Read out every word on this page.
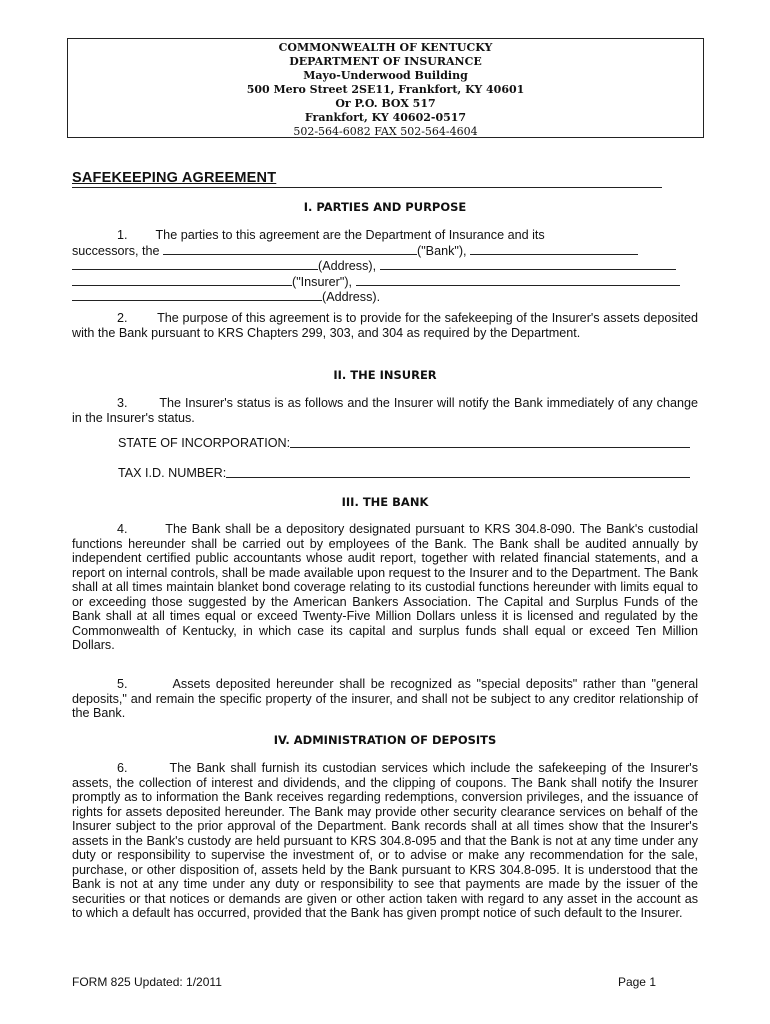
COMMONWEALTH OF KENTUCKY
DEPARTMENT OF INSURANCE
Mayo-Underwood Building
500 Mero Street 2SE11, Frankfort, KY 40601
Or P.O. BOX 517
Frankfort, KY 40602-0517
502-564-6082 FAX 502-564-4604
SAFEKEEPING AGREEMENT
I. PARTIES AND PURPOSE
1.        The parties to this agreement are the Department of Insurance and its
successors, the	("Bank"),
(Address),
("Insurer"),
(Address).
2.        The purpose of this agreement is to provide for the safekeeping of the Insurer's assets deposited with the Bank pursuant to KRS Chapters 299, 303, and 304 as required by the Department.
II. THE INSURER
3.        The Insurer's status is as follows and the Insurer will notify the Bank immediately of any change in the Insurer's status.
STATE OF INCORPORATION:
TAX I.D. NUMBER:
III. THE BANK
4.        The Bank shall be a depository designated pursuant to KRS 304.8-090. The Bank's custodial functions hereunder shall be carried out by employees of the Bank. The Bank shall be audited annually by independent certified public accountants whose audit report, together with related financial statements, and a report on internal controls, shall be made available upon request to the Insurer and to the Department. The Bank shall at all times maintain blanket bond coverage relating to its custodial functions hereunder with limits equal to or exceeding those suggested by the American Bankers Association. The Capital and Surplus Funds of the Bank shall at all times equal or exceed Twenty-Five Million Dollars unless it is licensed and regulated by the Commonwealth of Kentucky, in which case its capital and surplus funds shall equal or exceed Ten Million Dollars.
5.        Assets deposited hereunder shall be recognized as "special deposits" rather than "general deposits," and remain the specific property of the insurer, and shall not be subject to any creditor relationship of the Bank.
IV. ADMINISTRATION OF DEPOSITS
6.        The Bank shall furnish its custodian services which include the safekeeping of the Insurer's assets, the collection of interest and dividends, and the clipping of coupons. The Bank shall notify the Insurer promptly as to information the Bank receives regarding redemptions, conversion privileges, and the issuance of rights for assets deposited hereunder. The Bank may provide other security clearance services on behalf of the Insurer subject to the prior approval of the Department. Bank records shall at all times show that the Insurer's assets in the Bank's custody are held pursuant to KRS 304.8-095 and that the Bank is not at any time under any duty or responsibility to supervise the investment of, or to advise or make any recommendation for the sale, purchase, or other disposition of, assets held by the Bank pursuant to KRS 304.8-095. It is understood that the Bank is not at any time under any duty or responsibility to see that payments are made by the issuer of the securities or that notices or demands are given or other action taken with regard to any asset in the account as to which a default has occurred, provided that the Bank has given prompt notice of such default to the Insurer.
FORM 825 Updated: 1/2011	Page 1
